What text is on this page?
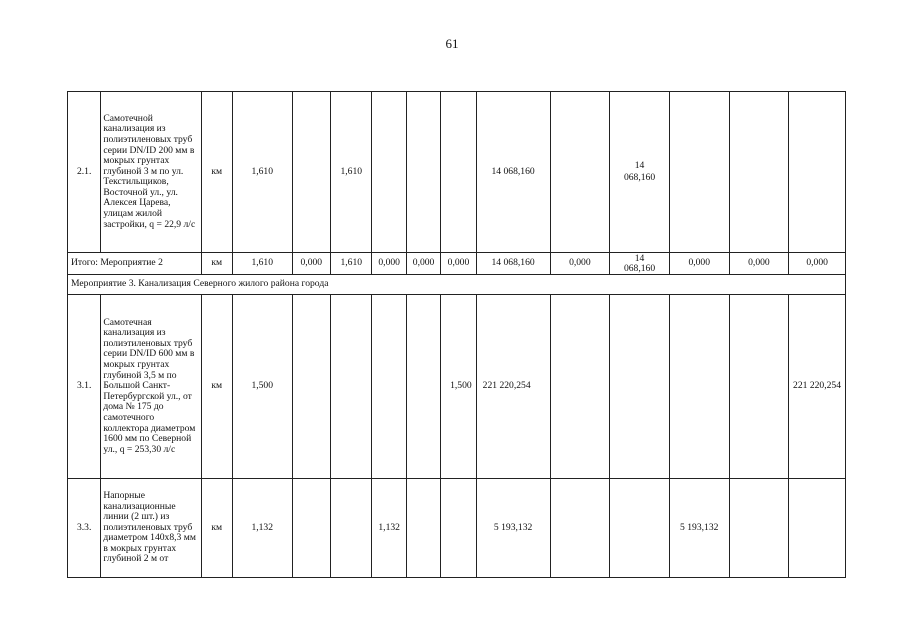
61
2.1.	Самотечной канализация из полиэтиленовых труб серии DN/ID 200 мм в мокрых грунтах глубиной 3 м по ул. Текстильщиков, Восточной ул., ул. Алексея Царева, улицам жилой застройки, q = 22,9 л/с	км	1,610		1,610				14 068,160		14 068,160			

Итого: Мероприятие 2		км	1,610	0,000	1,610	0,000	0,000	0,000	14 068,160	0,000	14 068,160	0,000	0,000	0,000
Мероприятие 3. Канализация Северного жилого района города														
3.1.	Самотечная канализация из полиэтиленовых труб серии DN/ID 600 мм в мокрых грунтах глубиной 3,5 м по Большой Санкт-Петербургской ул., от дома № 175 до самотечного коллектора диаметром 1600 мм по Северной ул., q = 253,30 л/с	км	1,500					1,500	221 220,254					221 220,254
3.3.	Напорные канализационные линии (2 шт.) из полиэтиленовых труб диаметром 140х8,3 мм в мокрых грунтах глубиной 2 м от	км	1,132			1,132			5 193,132			5 193,132		
